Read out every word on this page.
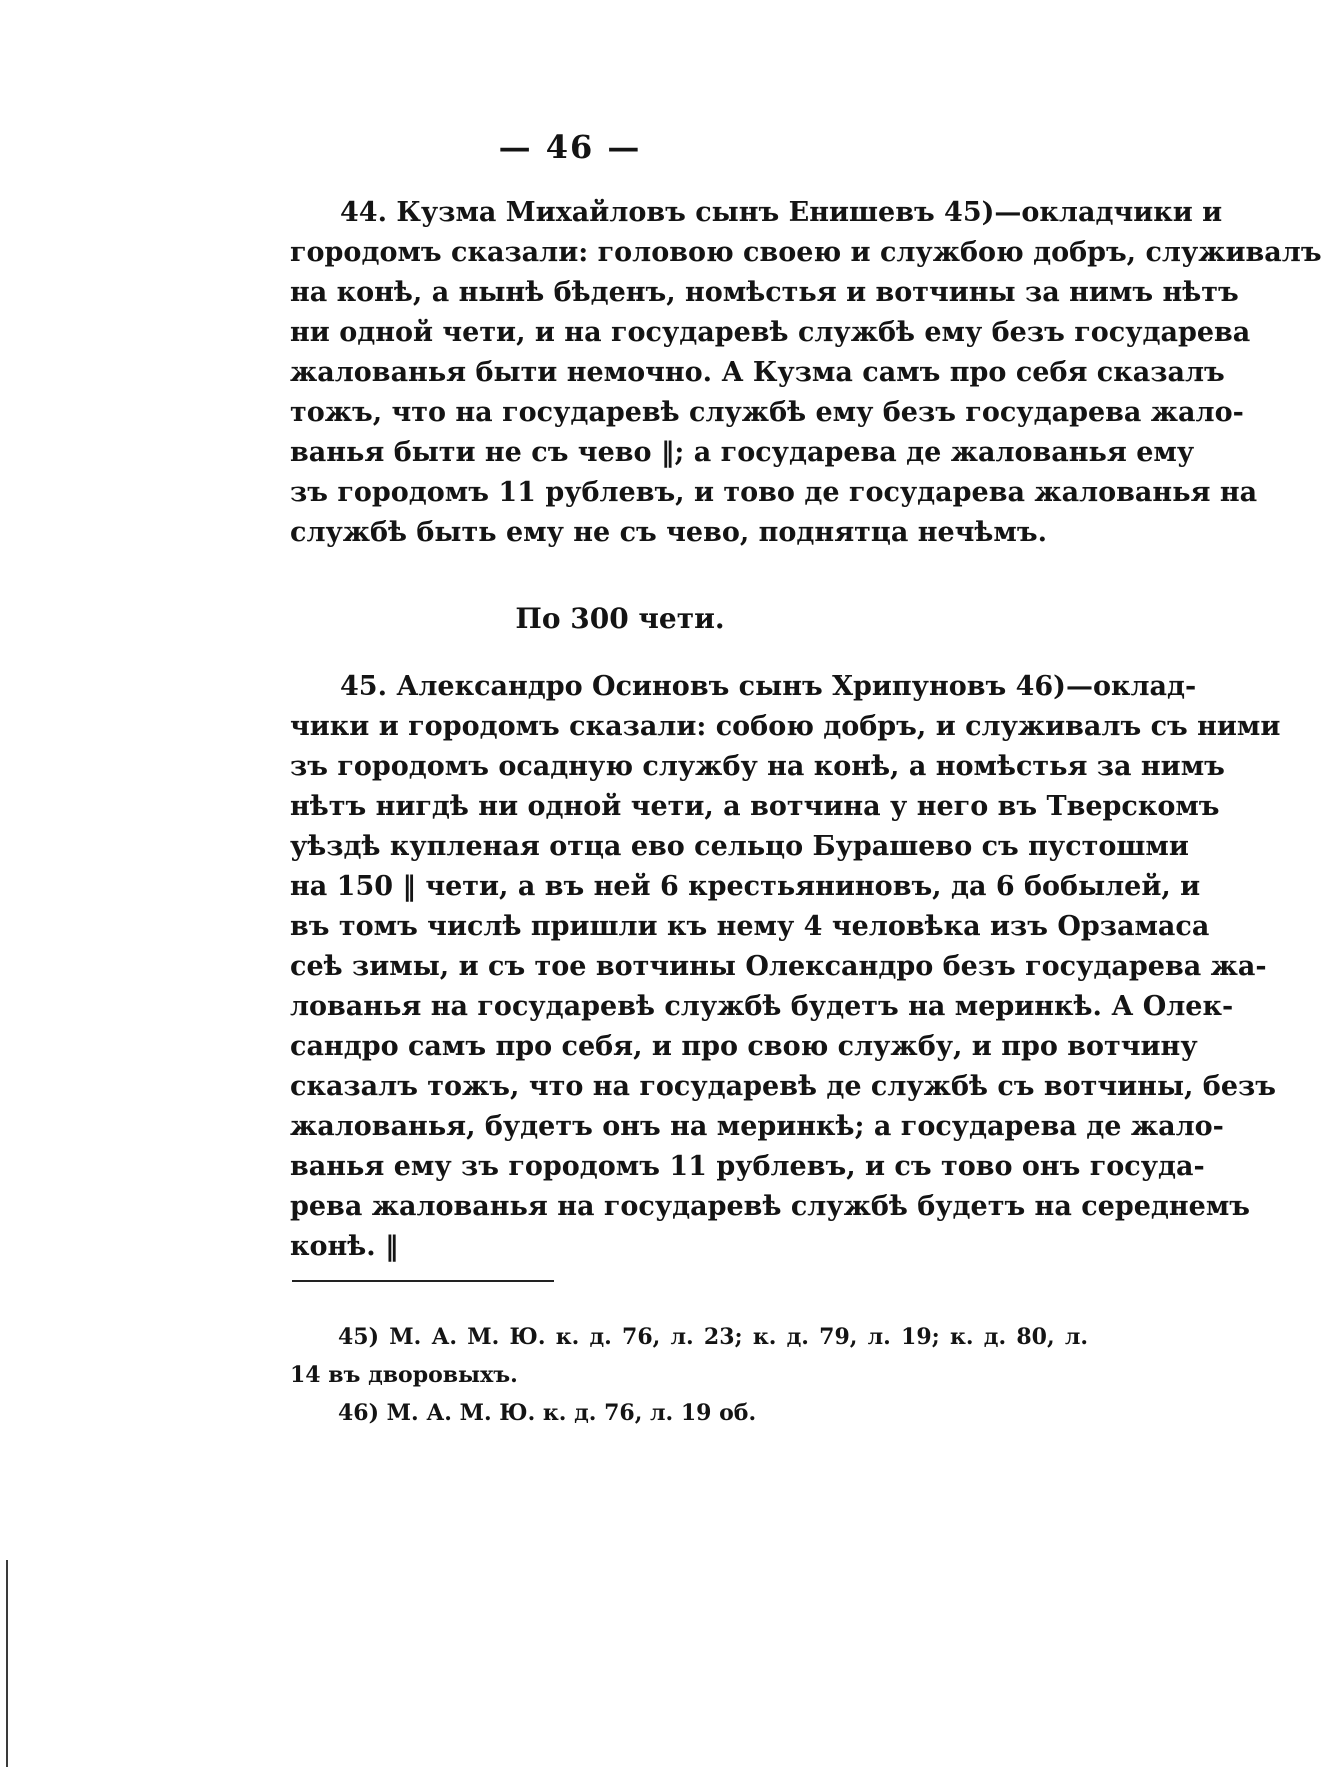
— 46 —
44. Кузма Михайловъ сынъ Енишевъ 45)—окладчики и
городомъ сказали: головою своею и службою добръ, служивалъ
на конѣ, а нынѣ бѣденъ, номѣстья и вотчины за нимъ нѣтъ
ни одной чети, и на государевѣ службѣ ему безъ государева
жалованья быти немочно. А Кузма самъ про себя сказалъ
тожъ, что на государевѣ службѣ ему безъ государева жало-
ванья быти не съ чево ‖; а государева де жалованья ему
зъ городомъ 11 рублевъ, и тово де государева жалованья на
службѣ быть ему не съ чево, поднятца нечѣмъ.
По 300 чети.
45. Александро Осиновъ сынъ Хрипуновъ 46)—оклад-
чики и городомъ сказали: собою добръ, и служивалъ съ ними
зъ городомъ осадную службу на конѣ, а номѣстья за нимъ
нѣтъ нигдѣ ни одной чети, а вотчина у него въ Тверскомъ
уѣздѣ купленая отца ево сельцо Бурашево съ пустошми
на 150 ‖ чети, а въ ней 6 крестьяниновъ, да 6 бобылей, и
въ томъ числѣ пришли къ нему 4 человѣка изъ Орзамаса
сеѣ зимы, и съ тое вотчины Олександро безъ государева жа-
лованья на государевѣ службѣ будетъ на меринкѣ. А Олек-
сандро самъ про себя, и про свою службу, и про вотчину
сказалъ тожъ, что на государевѣ де службѣ съ вотчины, безъ
жалованья, будетъ онъ на меринкѣ; а государева де жало-
ванья ему зъ городомъ 11 рублевъ, и съ тово онъ госуда-
рева жалованья на государевѣ службѣ будетъ на середнемъ
конѣ. ‖
45) М. А. М. Ю. к. д. 76, л. 23; к. д. 79, л. 19; к. д. 80, л.
14 въ дворовыхъ.
46) М. А. М. Ю. к. д. 76, л. 19 об.
